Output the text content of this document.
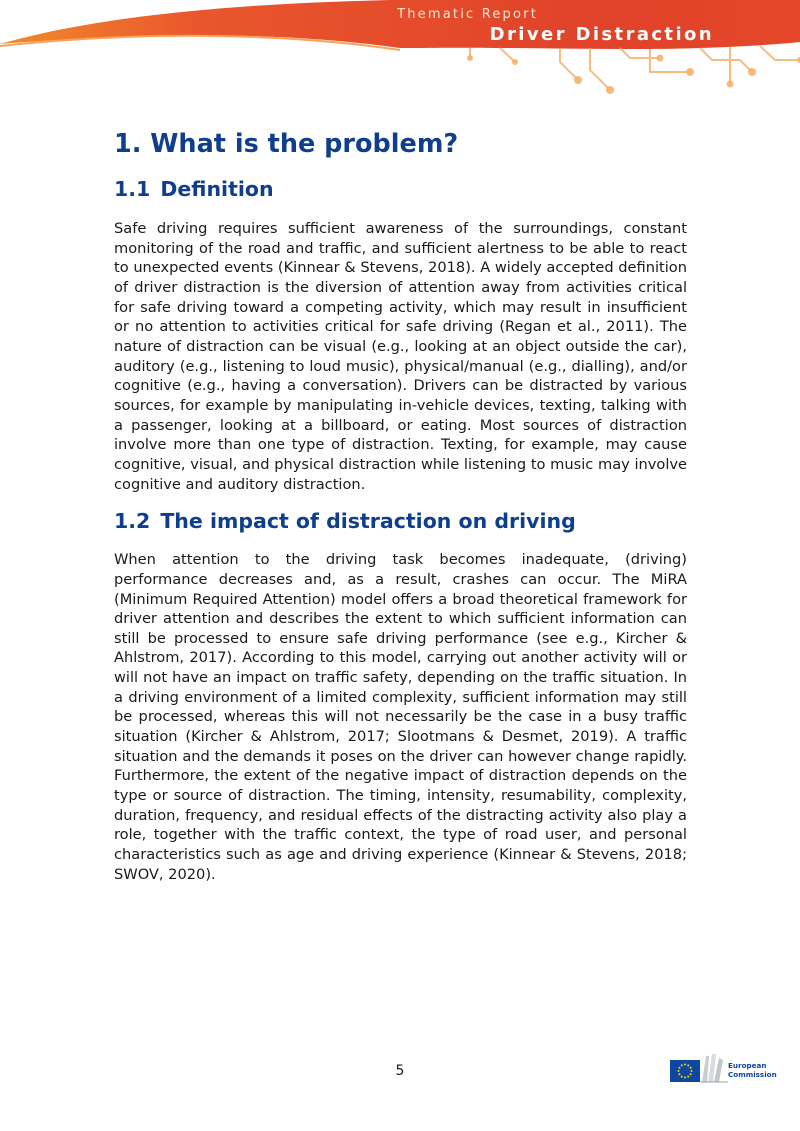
Thematic Report
Driver Distraction
1. What is the problem?
1.1 Definition

Safe driving requires sufficient awareness of the surroundings, constant monitoring of the road and traffic, and sufficient alertness to be able to react to unexpected events (Kinnear & Stevens, 2018). A widely accepted definition of driver distraction is the diversion of attention away from activities critical for safe driving toward a competing activity, which may result in insufficient or no attention to activities critical for safe driving (Regan et al., 2011). The nature of distraction can be visual (e.g., looking at an object outside the car), auditory (e.g., listening to loud music), physical/manual (e.g., dialling), and/or cognitive (e.g., having a conversation). Drivers can be distracted by various sources, for example by manipulating in-vehicle devices, texting, talking with a passenger, looking at a billboard, or eating. Most sources of distraction involve more than one type of distraction. Texting, for example, may cause cognitive, visual, and physical distraction while listening to music may involve cognitive and auditory distraction.

1.2 The impact of distraction on driving

When attention to the driving task becomes inadequate, (driving) performance decreases and, as a result, crashes can occur. The MiRA (Minimum Required Attention) model offers a broad theoretical framework for driver attention and describes the extent to which sufficient information can still be processed to ensure safe driving performance (see e.g., Kircher & Ahlstrom, 2017). According to this model, carrying out another activity will or will not have an impact on traffic safety, depending on the traffic situation. In a driving environment of a limited complexity, sufficient information may still be processed, whereas this will not necessarily be the case in a busy traffic situation (Kircher & Ahlstrom, 2017; Slootmans & Desmet, 2019). A traffic situation and the demands it poses on the driver can however change rapidly. Furthermore, the extent of the negative impact of distraction depends on the type or source of distraction. The timing, intensity, resumability, complexity, duration, frequency, and residual effects of the distracting activity also play a role, together with the traffic context, the type of road user, and personal characteristics such as age and driving experience (Kinnear & Stevens, 2018; SWOV, 2020).

5	European
Commission
